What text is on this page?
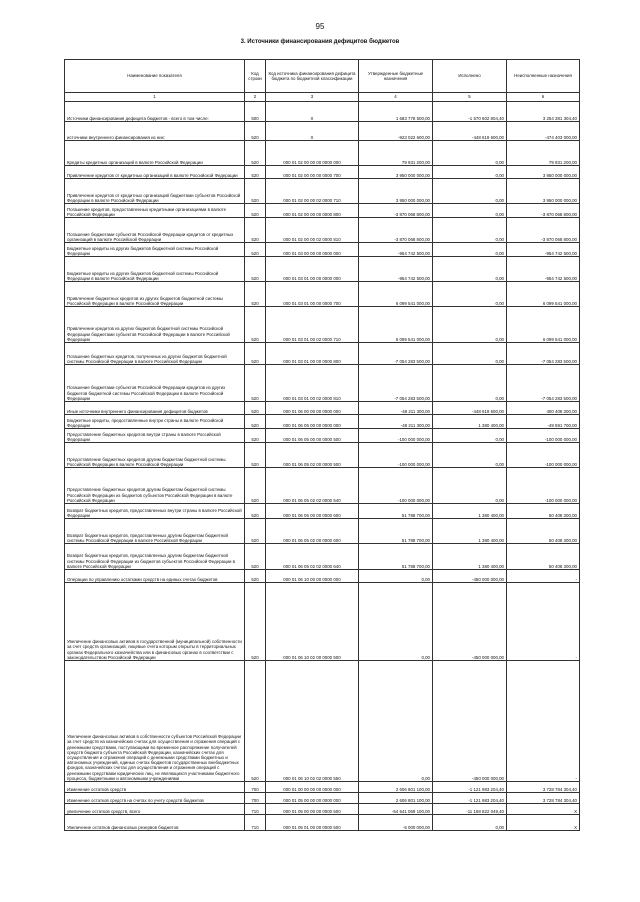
95
3. Источники финансирования дефицитов бюджетов
Наименование показателя	Код строки	Код источника финансирования дефицита бюджета по бюджетной классификации	Утвержденные бюджетные назначения	Исполнено	Неисполненные назначения
1	2	3	4	5	6
Источники финансирования дефицита бюджетов - всего в том числе:	500	X	1 683 778 500,00	-1 570 602 804,40	3 254 381 304,40
источники внутреннего финансирования из них:	520	X	-923 022 600,00	-448 619 600,00	-474 403 000,00
Кредиты кредитных организаций в валюте Российской Федерации	520	000 01 02 00 00 00 0000 000	79 931 200,00	0,00	79 931 200,00
Привлечение кредитов от кредитных организаций в валюте Российской Федерации	520	000 01 02 00 00 00 0000 700	3 950 000 000,00	0,00	3 950 000 000,00
Привлечение кредитов от кредитных организаций бюджетами субъектов Российской Федерации в валюте Российской Федерации	520	000 01 02 00 00 02 0000 710	3 950 000 000,00	0,00	3 950 000 000,00
Погашение кредитов, предоставленных кредитными организациями в валюте Российской Федерации	520	000 01 02 00 00 00 0000 800	-3 870 068 800,00	0,00	-3 870 068 800,00
Погашение бюджетами субъектов Российской Федерации кредитов от кредитных организаций в валюте Российской Федерации	520	000 01 02 00 00 02 0000 810	-3 870 068 800,00	0,00	-3 870 068 800,00
Бюджетные кредиты из других бюджетов бюджетной системы Российской Федерации	520	000 01 03 00 00 00 0000 000	-954 742 500,00	0,00	-954 742 500,00
Бюджетные кредиты из других бюджетов бюджетной системы Российской Федерации в валюте Российской Федерации	520	000 01 03 01 00 00 0000 000	-954 742 500,00	0,00	-954 742 500,00
Привлечение бюджетных кредитов из других бюджетов бюджетной системы Российской Федерации в валюте Российской Федерации	520	000 01 03 01 00 00 0000 700	6 099 541 000,00	0,00	6 099 541 000,00
Привлечение кредитов из других бюджетов бюджетной системы Российской Федерации бюджетами субъектов Российской Федерации в валюте Российской Федерации	520	000 01 03 01 00 02 0000 710	6 099 541 000,00	0,00	6 099 541 000,00
Погашение бюджетных кредитов, полученных из других бюджетов бюджетной системы Российской Федерации в валюте Российской Федерации	520	000 01 03 01 00 00 0000 800	-7 054 283 500,00	0,00	-7 054 283 500,00
Погашение бюджетами субъектов Российской Федерации кредитов из других бюджетов бюджетной системы Российской Федерации в валюте Российской Федерации	520	000 01 03 01 00 02 0000 810	-7 054 283 500,00	0,00	-7 054 283 500,00
Иные источники внутреннего финансирования дефицитов бюджетов	520	000 01 06 00 00 00 0000 000	-48 211 300,00	-448 619 600,00	400 408 300,00
Бюджетные кредиты, предоставленные внутри страны в валюте Российской Федерации	520	000 01 06 05 00 00 0000 000	-48 211 300,00	1 380 400,00	-49 591 700,00
Предоставление бюджетных кредитов внутри страны в валюте Российской Федерации	520	000 01 06 05 00 00 0000 500	-100 000 000,00	0,00	-100 000 000,00
Предоставление бюджетных кредитов другим бюджетам бюджетной системы Российской Федерации в валюте Российской Федерации	520	000 01 06 05 02 00 0000 500	-100 000 000,00	0,00	-100 000 000,00
Предоставление бюджетных кредитов другим бюджетам бюджетной системы Российской Федерации из бюджетов субъектов Российской Федерации в валюте Российской Федерации	520	000 01 06 05 02 02 0000 540	-100 000 000,00	0,00	-100 000 000,00
Возврат бюджетных кредитов, предоставленных внутри страны в валюте Российской Федерации	520	000 01 06 05 00 00 0000 600	51 788 700,00	1 380 400,00	50 408 300,00
Возврат бюджетных кредитов, предоставленных другим бюджетам бюджетной системы Российской Федерации в валюте Российской Федерации	520	000 01 06 05 02 00 0000 600	51 788 700,00	1 380 400,00	50 408 300,00
Возврат бюджетных кредитов, предоставленных другим бюджетам бюджетной системы Российской Федерации из бюджетов субъектов Российской Федерации в валюте Российской Федерации	520	000 01 06 05 02 02 0000 640	51 788 700,00	1 380 400,00	50 408 300,00
Операции по управлению остатками средств на единых счетах бюджетов	520	000 01 06 10 00 00 0000 000	0,00	-450 000 000,00	-
Увеличение финансовых активов в государственной (муниципальной) собственности за счет средств организаций, лицевые счета которым открыты в территориальных органах Федерального казначейства или в финансовых органах в соответствии с законодательством Российской Федерации	520	000 01 06 10 02 00 0000 500	0,00	-450 000 000,00	-
Увеличение финансовых активов в собственности субъектов Российской Федерации за счет средств на казначейских счетах для осуществления и отражения операций с денежными средствами, поступающими во временное распоряжение получателей средств бюджета субъекта Российской Федерации, казначейских счетах для осуществления и отражения операций с денежными средствами бюджетных и автономных учреждений, единых счетах бюджетов государственных внебюджетных фондов, казначейских счетах для осуществления и отражения операций с денежными средствами юридических лиц, не являющихся участниками бюджетного процесса, бюджетными и автономными учреждениями	520	000 01 06 10 02 02 0000 550	0,00	-450 000 000,00	-
Изменение остатков средств	700	000 01 00 00 00 00 0000 000	2 606 801 100,00	-1 121 983 204,40	3 728 784 304,40
Изменение остатков средств на счетах по учету средств бюджетов	700	000 01 05 00 00 00 0000 000	2 606 801 100,00	-1 121 983 204,40	3 728 784 304,40
увеличение остатков средств, всего	710	000 01 05 00 00 00 0000 500	-54 541 069 100,00	-11 168 822 049,40	X
Увеличение остатков финансовых резервов бюджетов	710	000 01 05 01 00 00 0000 500	-5 000 000,00	0,00	X
